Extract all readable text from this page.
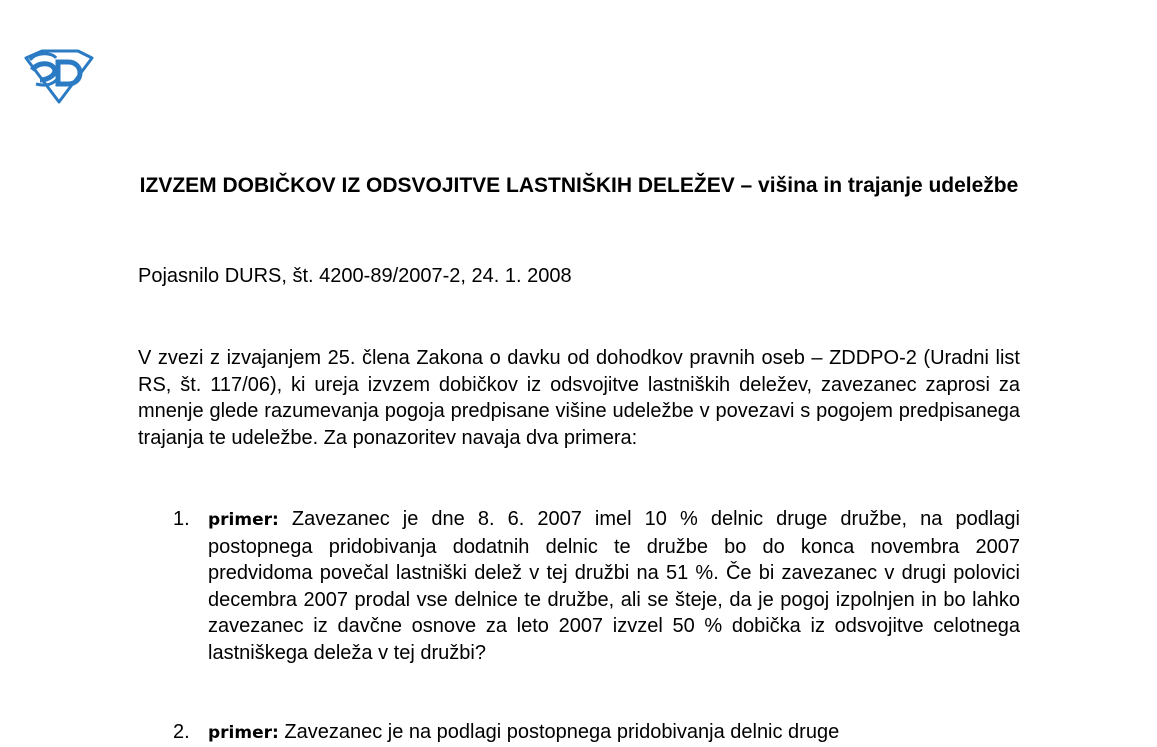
IZVZEM DOBIČKOV IZ ODSVOJITVE LASTNIŠKIH DELEŽEV – višina in trajanje udeležbe
Pojasnilo DURS, št. 4200-89/2007-2, 24. 1. 2008
V zvezi z izvajanjem 25. člena Zakona o davku od dohodkov pravnih oseb – ZDDPO-2 (Uradni list RS, št. 117/06), ki ureja izvzem dobičkov iz odsvojitve lastniških deležev, zavezanec zaprosi za mnenje glede razumevanja pogoja predpisane višine udeležbe v povezavi s pogojem predpisanega trajanja te udeležbe. Za ponazoritev navaja dva primera:
1. primer: Zavezanec je dne 8. 6. 2007 imel 10 % delnic druge družbe, na podlagi postopnega pridobivanja dodatnih delnic te družbe bo do konca novembra 2007 predvidoma povečal lastniški delež v tej družbi na 51 %. Če bi zavezanec v drugi polovici decembra 2007 prodal vse delnice te družbe, ali se šteje, da je pogoj izpolnjen in bo lahko zavezanec iz davčne osnove za leto 2007 izvzel 50 % dobička iz odsvojitve celotnega lastniškega deleža v tej družbi?
2. primer: Zavezanec je na podlagi postopnega pridobivanja delnic druge
